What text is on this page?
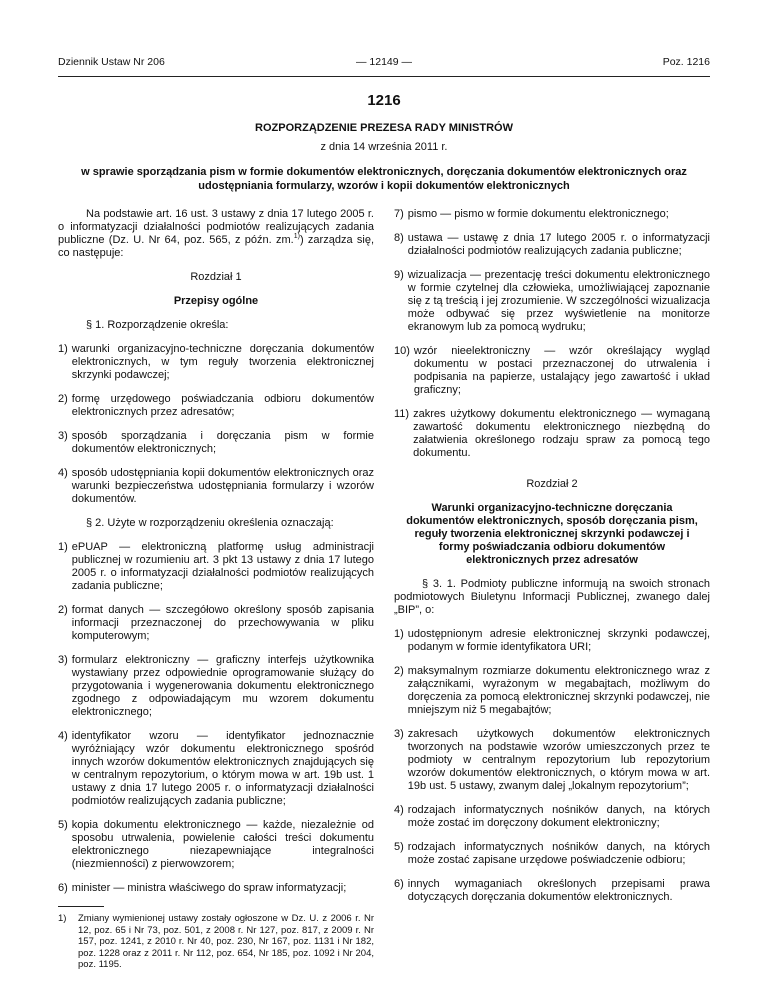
Dziennik Ustaw Nr 206	— 12149 —	Poz. 1216
1216
ROZPORZĄDZENIE PREZESA RADY MINISTRÓW
z dnia 14 września 2011 r.
w sprawie sporządzania pism w formie dokumentów elektronicznych, doręczania dokumentów elektronicznych oraz udostępniania formularzy, wzorów i kopii dokumentów elektronicznych

Na podstawie art. 16 ust. 3 ustawy z dnia 17 lutego 2005 r. o informatyzacji działalności podmiotów realizujących zadania publiczne (Dz. U. Nr 64, poz. 565, z późn. zm.$^{1)}$) zarządza się, co następuje:

Rozdział 1

Przepisy ogólne

§ 1. Rozporządzenie określa:

1) warunki organizacyjno-techniczne doręczania dokumentów elektronicznych, w tym reguły tworzenia elektronicznej skrzynki podawczej;
2) formę urzędowego poświadczania odbioru dokumentów elektronicznych przez adresatów;
3) sposób sporządzania i doręczania pism w formie dokumentów elektronicznych;
4) sposób udostępniania kopii dokumentów elektronicznych oraz warunki bezpieczeństwa udostępniania formularzy i wzorów dokumentów.

§ 2. Użyte w rozporządzeniu określenia oznaczają:

1) ePUAP — elektroniczną platformę usług administracji publicznej w rozumieniu art. 3 pkt 13 ustawy z dnia 17 lutego 2005 r. o informatyzacji działalności podmiotów realizujących zadania publiczne;
2) format danych — szczegółowo określony sposób zapisania informacji przeznaczonej do przechowywania w pliku komputerowym;
3) formularz elektroniczny — graficzny interfejs użytkownika wystawiany przez odpowiednie oprogramowanie służący do przygotowania i wygenerowania dokumentu elektronicznego zgodnego z odpowiadającym mu wzorem dokumentu elektronicznego;
4) identyfikator wzoru — identyfikator jednoznacznie wyróżniający wzór dokumentu elektronicznego spośród innych wzorów dokumentów elektronicznych znajdujących się w centralnym repozytorium, o którym mowa w art. 19b ust. 1 ustawy z dnia 17 lutego 2005 r. o informatyzacji działalności podmiotów realizujących zadania publiczne;
5) kopia dokumentu elektronicznego — każde, niezależnie od sposobu utrwalenia, powielenie całości treści dokumentu elektronicznego niezapewniające integralności (niezmienności) z pierwowzorem;
6) minister — ministra właściwego do spraw informatyzacji;
1)	Zmiany wymienionej ustawy zostały ogłoszone w Dz. U. z 2006 r. Nr 12, poz. 65 i Nr 73, poz. 501, z 2008 r. Nr 127, poz. 817, z 2009 r. Nr 157, poz. 1241, z 2010 r. Nr 40, poz. 230, Nr 167, poz. 1131 i Nr 182, poz. 1228 oraz z 2011 r. Nr 112, poz. 654, Nr 185, poz. 1092 i Nr 204, poz. 1195.
7) pismo — pismo w formie dokumentu elektronicznego;
8) ustawa — ustawę z dnia 17 lutego 2005 r. o informatyzacji działalności podmiotów realizujących zadania publiczne;
9) wizualizacja — prezentację treści dokumentu elektronicznego w formie czytelnej dla człowieka, umożliwiającej zapoznanie się z tą treścią i jej zrozumienie. W szczególności wizualizacja może odbywać się przez wyświetlenie na monitorze ekranowym lub za pomocą wydruku;
10) wzór nieelektroniczny — wzór określający wygląd dokumentu w postaci przeznaczonej do utrwalenia i podpisania na papierze, ustalający jego zawartość i układ graficzny;
11) zakres użytkowy dokumentu elektronicznego — wymaganą zawartość dokumentu elektronicznego niezbędną do załatwienia określonego rodzaju spraw za pomocą tego dokumentu.

Rozdział 2

Warunki organizacyjno-techniczne doręczania dokumentów elektronicznych, sposób doręczania pism, reguły tworzenia elektronicznej skrzynki podawczej i formy poświadczania odbioru dokumentów elektronicznych przez adresatów

§ 3. 1. Podmioty publiczne informują na swoich stronach podmiotowych Biuletynu Informacji Publicznej, zwanego dalej „BIP”, o:

1) udostępnionym adresie elektronicznej skrzynki podawczej, podanym w formie identyfikatora URI;
2) maksymalnym rozmiarze dokumentu elektronicznego wraz z załącznikami, wyrażonym w megabajtach, możliwym do doręczenia za pomocą elektronicznej skrzynki podawczej, nie mniejszym niż 5 megabajtów;
3) zakresach użytkowych dokumentów elektronicznych tworzonych na podstawie wzorów umieszczonych przez te podmioty w centralnym repozytorium lub repozytorium wzorów dokumentów elektronicznych, o którym mowa w art. 19b ust. 5 ustawy, zwanym dalej „lokalnym repozytorium”;
4) rodzajach informatycznych nośników danych, na których może zostać im doręczony dokument elektroniczny;
5) rodzajach informatycznych nośników danych, na których może zostać zapisane urzędowe poświadczenie odbioru;
6) innych wymaganiach określonych przepisami prawa dotyczących doręczania dokumentów elektronicznych.
